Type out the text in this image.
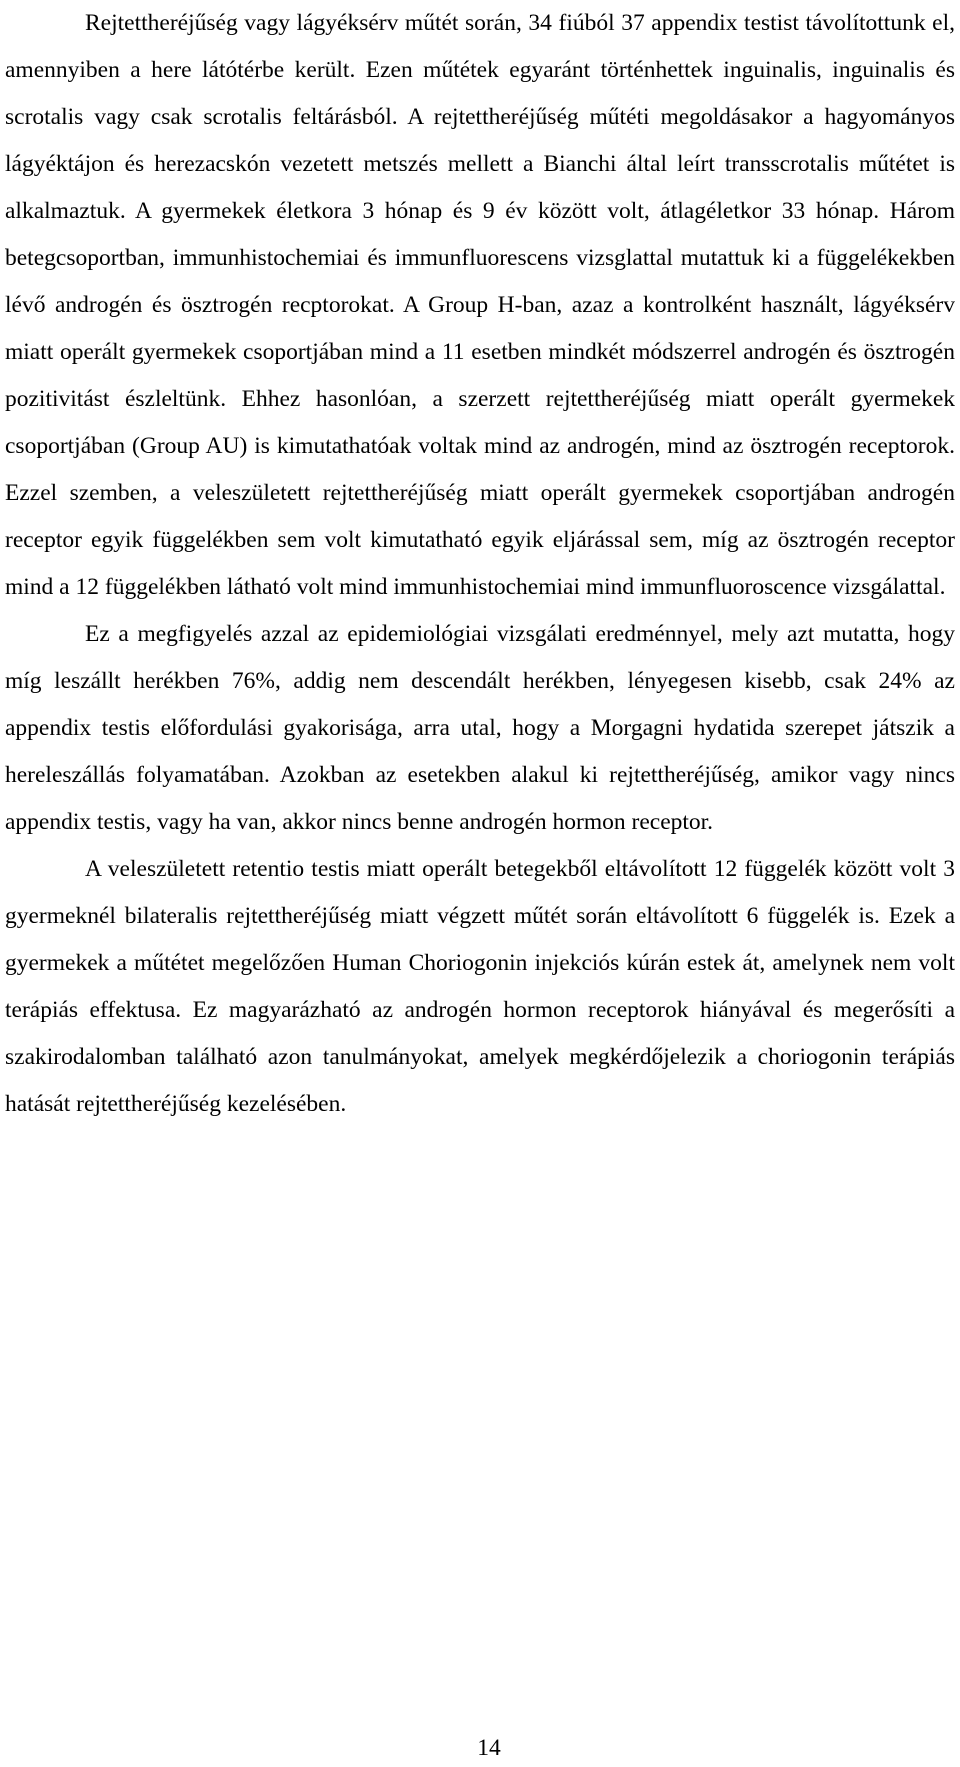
Rejtettheréjűség vagy lágyéksérv műtét során, 34 fiúból 37 appendix testist távolítottunk el, amennyiben a here látótérbe került. Ezen műtétek egyaránt történhettek inguinalis, inguinalis és scrotalis vagy csak scrotalis feltárásból. A rejtettheréjűség műtéti megoldásakor a hagyományos lágyéktájon és herezacskón vezetett metszés mellett a Bianchi által leírt transscrotalis műtétet is alkalmaztuk. A gyermekek életkora 3 hónap és 9 év között volt, átlagéletkor 33 hónap. Három betegcsoportban, immunhistochemiai és immunfluorescens vizsglattal mutattuk ki a függelékekben lévő androgén és ösztrogén recptorokat. A Group H-ban, azaz a kontrolként használt, lágyéksérv miatt operált gyermekek csoportjában mind a 11 esetben mindkét módszerrel androgén és ösztrogén pozitivitást észleltünk. Ehhez hasonlóan, a szerzett rejtettheréjűség miatt operált gyermekek csoportjában (Group AU) is kimutathatóak voltak mind az androgén, mind az ösztrogén receptorok. Ezzel szemben, a veleszületett rejtettheréjűség miatt operált gyermekek csoportjában androgén receptor egyik függelékben sem volt kimutatható egyik eljárással sem, míg az ösztrogén receptor mind a 12 függelékben látható volt mind immunhistochemiai mind immunfluoroscence vizsgálattal.

Ez a megfigyelés azzal az epidemiológiai vizsgálati eredménnyel, mely azt mutatta, hogy míg leszállt herékben 76%, addig nem descendált herékben, lényegesen kisebb, csak 24% az appendix testis előfordulási gyakorisága, arra utal, hogy a Morgagni hydatida szerepet játszik a hereleszállás folyamatában. Azokban az esetekben alakul ki rejtettheréjűség, amikor vagy nincs appendix testis, vagy ha van, akkor nincs benne androgén hormon receptor.

A veleszületett retentio testis miatt operált betegekből eltávolított 12 függelék között volt 3 gyermeknél bilateralis rejtettheréjűség miatt végzett műtét során eltávolított 6 függelék is. Ezek a gyermekek a műtétet megelőzően Human Choriogonin injekciós kúrán estek át, amelynek nem volt terápiás effektusa. Ez magyarázható az androgén hormon receptorok hiányával és megerősíti a szakirodalomban található azon tanulmányokat, amelyek megkérdőjelezik a choriogonin terápiás hatását rejtettheréjűség kezelésében.

14
